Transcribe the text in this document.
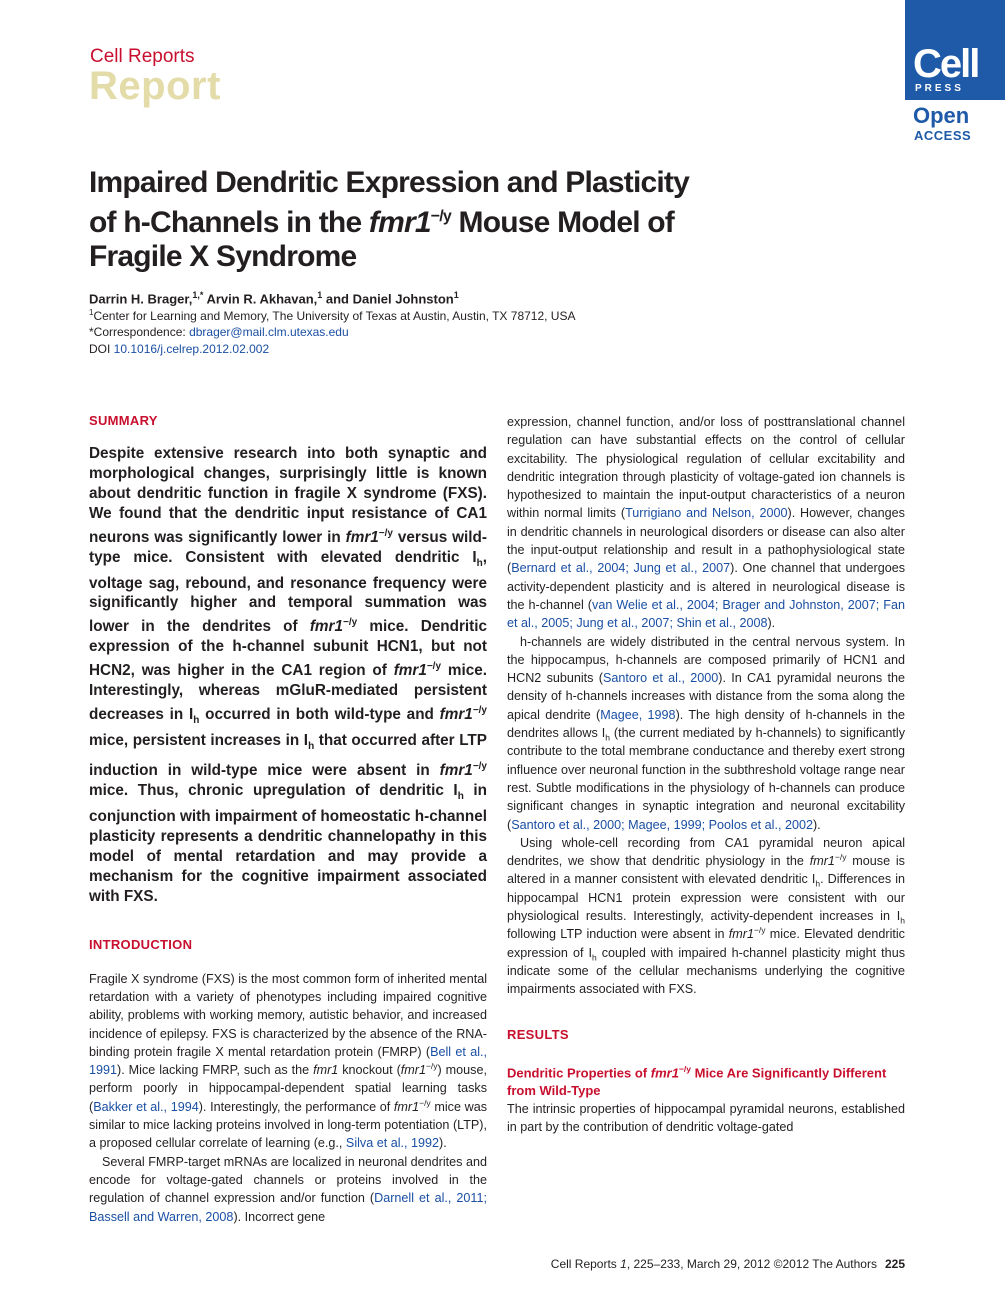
Cell Reports
Report	Cell
PRESS
Open
ACCESS
Impaired Dendritic Expression and Plasticity of h-Channels in the $fmr1^{-/y}$ Mouse Model of Fragile X Syndrome
Darrin H. Brager,$^{1,*}$ Arvin R. Akhavan,$^1$ and Daniel Johnston$^1$
$^1$Center for Learning and Memory, The University of Texas at Austin, Austin, TX 78712, USA
*Correspondence: dbrager@mail.clm.utexas.edu
DOI 10.1016/j.celrep.2012.02.002
SUMMARY

Despite extensive research into both synaptic and morphological changes, surprisingly little is known about dendritic function in fragile X syndrome (FXS). We found that the dendritic input resistance of CA1 neurons was significantly lower in $fmr1^{-/y}$ versus wild-type mice. Consistent with elevated dendritic $I_h$, voltage sag, rebound, and resonance frequency were significantly higher and temporal summation was lower in the dendrites of $fmr1^{-/y}$ mice. Dendritic expression of the h-channel subunit HCN1, but not HCN2, was higher in the CA1 region of $fmr1^{-/y}$ mice. Interestingly, whereas mGluR-mediated persistent decreases in $I_h$ occurred in both wild-type and $fmr1^{-/y}$ mice, persistent increases in $I_h$ that occurred after LTP induction in wild-type mice were absent in $fmr1^{-/y}$ mice. Thus, chronic upregulation of dendritic $I_h$ in conjunction with impairment of homeostatic h-channel plasticity represents a dendritic channelopathy in this model of mental retardation and may provide a mechanism for the cognitive impairment associated with FXS.

INTRODUCTION

Fragile X syndrome (FXS) is the most common form of inherited mental retardation with a variety of phenotypes including impaired cognitive ability, problems with working memory, autistic behavior, and increased incidence of epilepsy. FXS is characterized by the absence of the RNA-binding protein fragile X mental retardation protein (FMRP) (Bell et al., 1991). Mice lacking FMRP, such as the fmr1 knockout $(fmr1^{-/y})$ mouse, perform poorly in hippocampal-dependent spatial learning tasks (Bakker et al., 1994). Interestingly, the performance of $fmr1^{-/y}$ mice was similar to mice lacking proteins involved in long-term potentiation (LTP), a proposed cellular correlate of learning (e.g., Silva et al., 1992).

Several FMRP-target mRNAs are localized in neuronal dendrites and encode for voltage-gated channels or proteins involved in the regulation of channel expression and/or function (Darnell et al., 2011; Bassell and Warren, 2008). Incorrect gene

expression, channel function, and/or loss of posttranslational channel regulation can have substantial effects on the control of cellular excitability. The physiological regulation of cellular excitability and dendritic integration through plasticity of voltage-gated ion channels is hypothesized to maintain the input-output characteristics of a neuron within normal limits (Turrigiano and Nelson, 2000). However, changes in dendritic channels in neurological disorders or disease can also alter the input-output relationship and result in a pathophysiological state (Bernard et al., 2004; Jung et al., 2007). One channel that undergoes activity-dependent plasticity and is altered in neurological disease is the h-channel (van Welie et al., 2004; Brager and Johnston, 2007; Fan et al., 2005; Jung et al., 2007; Shin et al., 2008).

h-channels are widely distributed in the central nervous system. In the hippocampus, h-channels are composed primarily of HCN1 and HCN2 subunits (Santoro et al., 2000). In CA1 pyramidal neurons the density of h-channels increases with distance from the soma along the apical dendrite (Magee, 1998). The high density of h-channels in the dendrites allows $I_h$ (the current mediated by h-channels) to significantly contribute to the total membrane conductance and thereby exert strong influence over neuronal function in the subthreshold voltage range near rest. Subtle modifications in the physiology of h-channels can produce significant changes in synaptic integration and neuronal excitability (Santoro et al., 2000; Magee, 1999; Poolos et al., 2002).

Using whole-cell recording from CA1 pyramidal neuron apical dendrites, we show that dendritic physiology in the $fmr1^{-/y}$ mouse is altered in a manner consistent with elevated dendritic $I_h$. Differences in hippocampal HCN1 protein expression were consistent with our physiological results. Interestingly, activity-dependent increases in $I_h$ following LTP induction were absent in $fmr1^{-/y}$ mice. Elevated dendritic expression of $I_h$ coupled with impaired h-channel plasticity might thus indicate some of the cellular mechanisms underlying the cognitive impairments associated with FXS.

RESULTS

Dendritic Properties of $fmr1^{-/y}$ Mice Are Significantly Different from Wild-Type

The intrinsic properties of hippocampal pyramidal neurons, established in part by the contribution of dendritic voltage-gated

Cell Reports 1, 225–233, March 29, 2012 ©2012 The Authors 225
